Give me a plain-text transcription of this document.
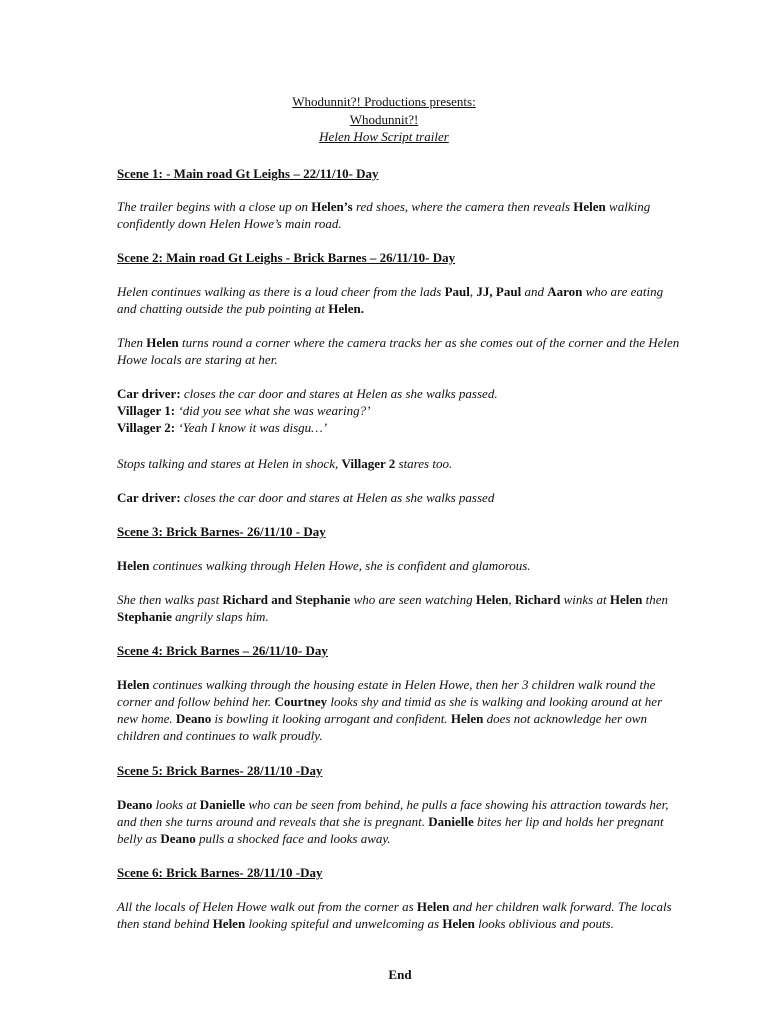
Whodunnit?! Productions presents:
Whodunnit?!
Helen How Script trailer
Scene 1: - Main road Gt Leighs – 22/11/10- Day
The trailer begins with a close up on Helen’s red shoes, where the camera then reveals Helen walking confidently down Helen Howe’s main road.
Scene 2: Main road Gt Leighs - Brick Barnes – 26/11/10- Day
Helen continues walking as there is a loud cheer from the lads Paul, JJ, Paul and Aaron who are eating and chatting outside the pub pointing at Helen.
Then Helen turns round a corner where the camera tracks her as she comes out of the corner and the Helen Howe locals are staring at her.
Car driver: closes the car door and stares at Helen as she walks passed.
Villager 1: ‘did you see what she was wearing?’
Villager 2: ‘Yeah I know it was disgu…’
Stops talking and stares at Helen in shock, Villager 2 stares too.
Car driver: closes the car door and stares at Helen as she walks passed
Scene 3: Brick Barnes- 26/11/10 - Day
Helen continues walking through Helen Howe, she is confident and glamorous.
She then walks past Richard and Stephanie who are seen watching Helen, Richard winks at Helen then Stephanie angrily slaps him.
Scene 4: Brick Barnes – 26/11/10- Day
Helen continues walking through the housing estate in Helen Howe, then her 3 children walk round the corner and follow behind her. Courtney looks shy and timid as she is walking and looking around at her new home. Deano is bowling it looking arrogant and confident. Helen does not acknowledge her own children and continues to walk proudly.
Scene 5: Brick Barnes- 28/11/10 -Day
Deano looks at Danielle who can be seen from behind, he pulls a face showing his attraction towards her, and then she turns around and reveals that she is pregnant. Danielle bites her lip and holds her pregnant belly as Deano pulls a shocked face and looks away.
Scene 6: Brick Barnes- 28/11/10 -Day
All the locals of Helen Howe walk out from the corner as Helen and her children walk forward. The locals then stand behind Helen looking spiteful and unwelcoming as Helen looks oblivious and pouts.
End
